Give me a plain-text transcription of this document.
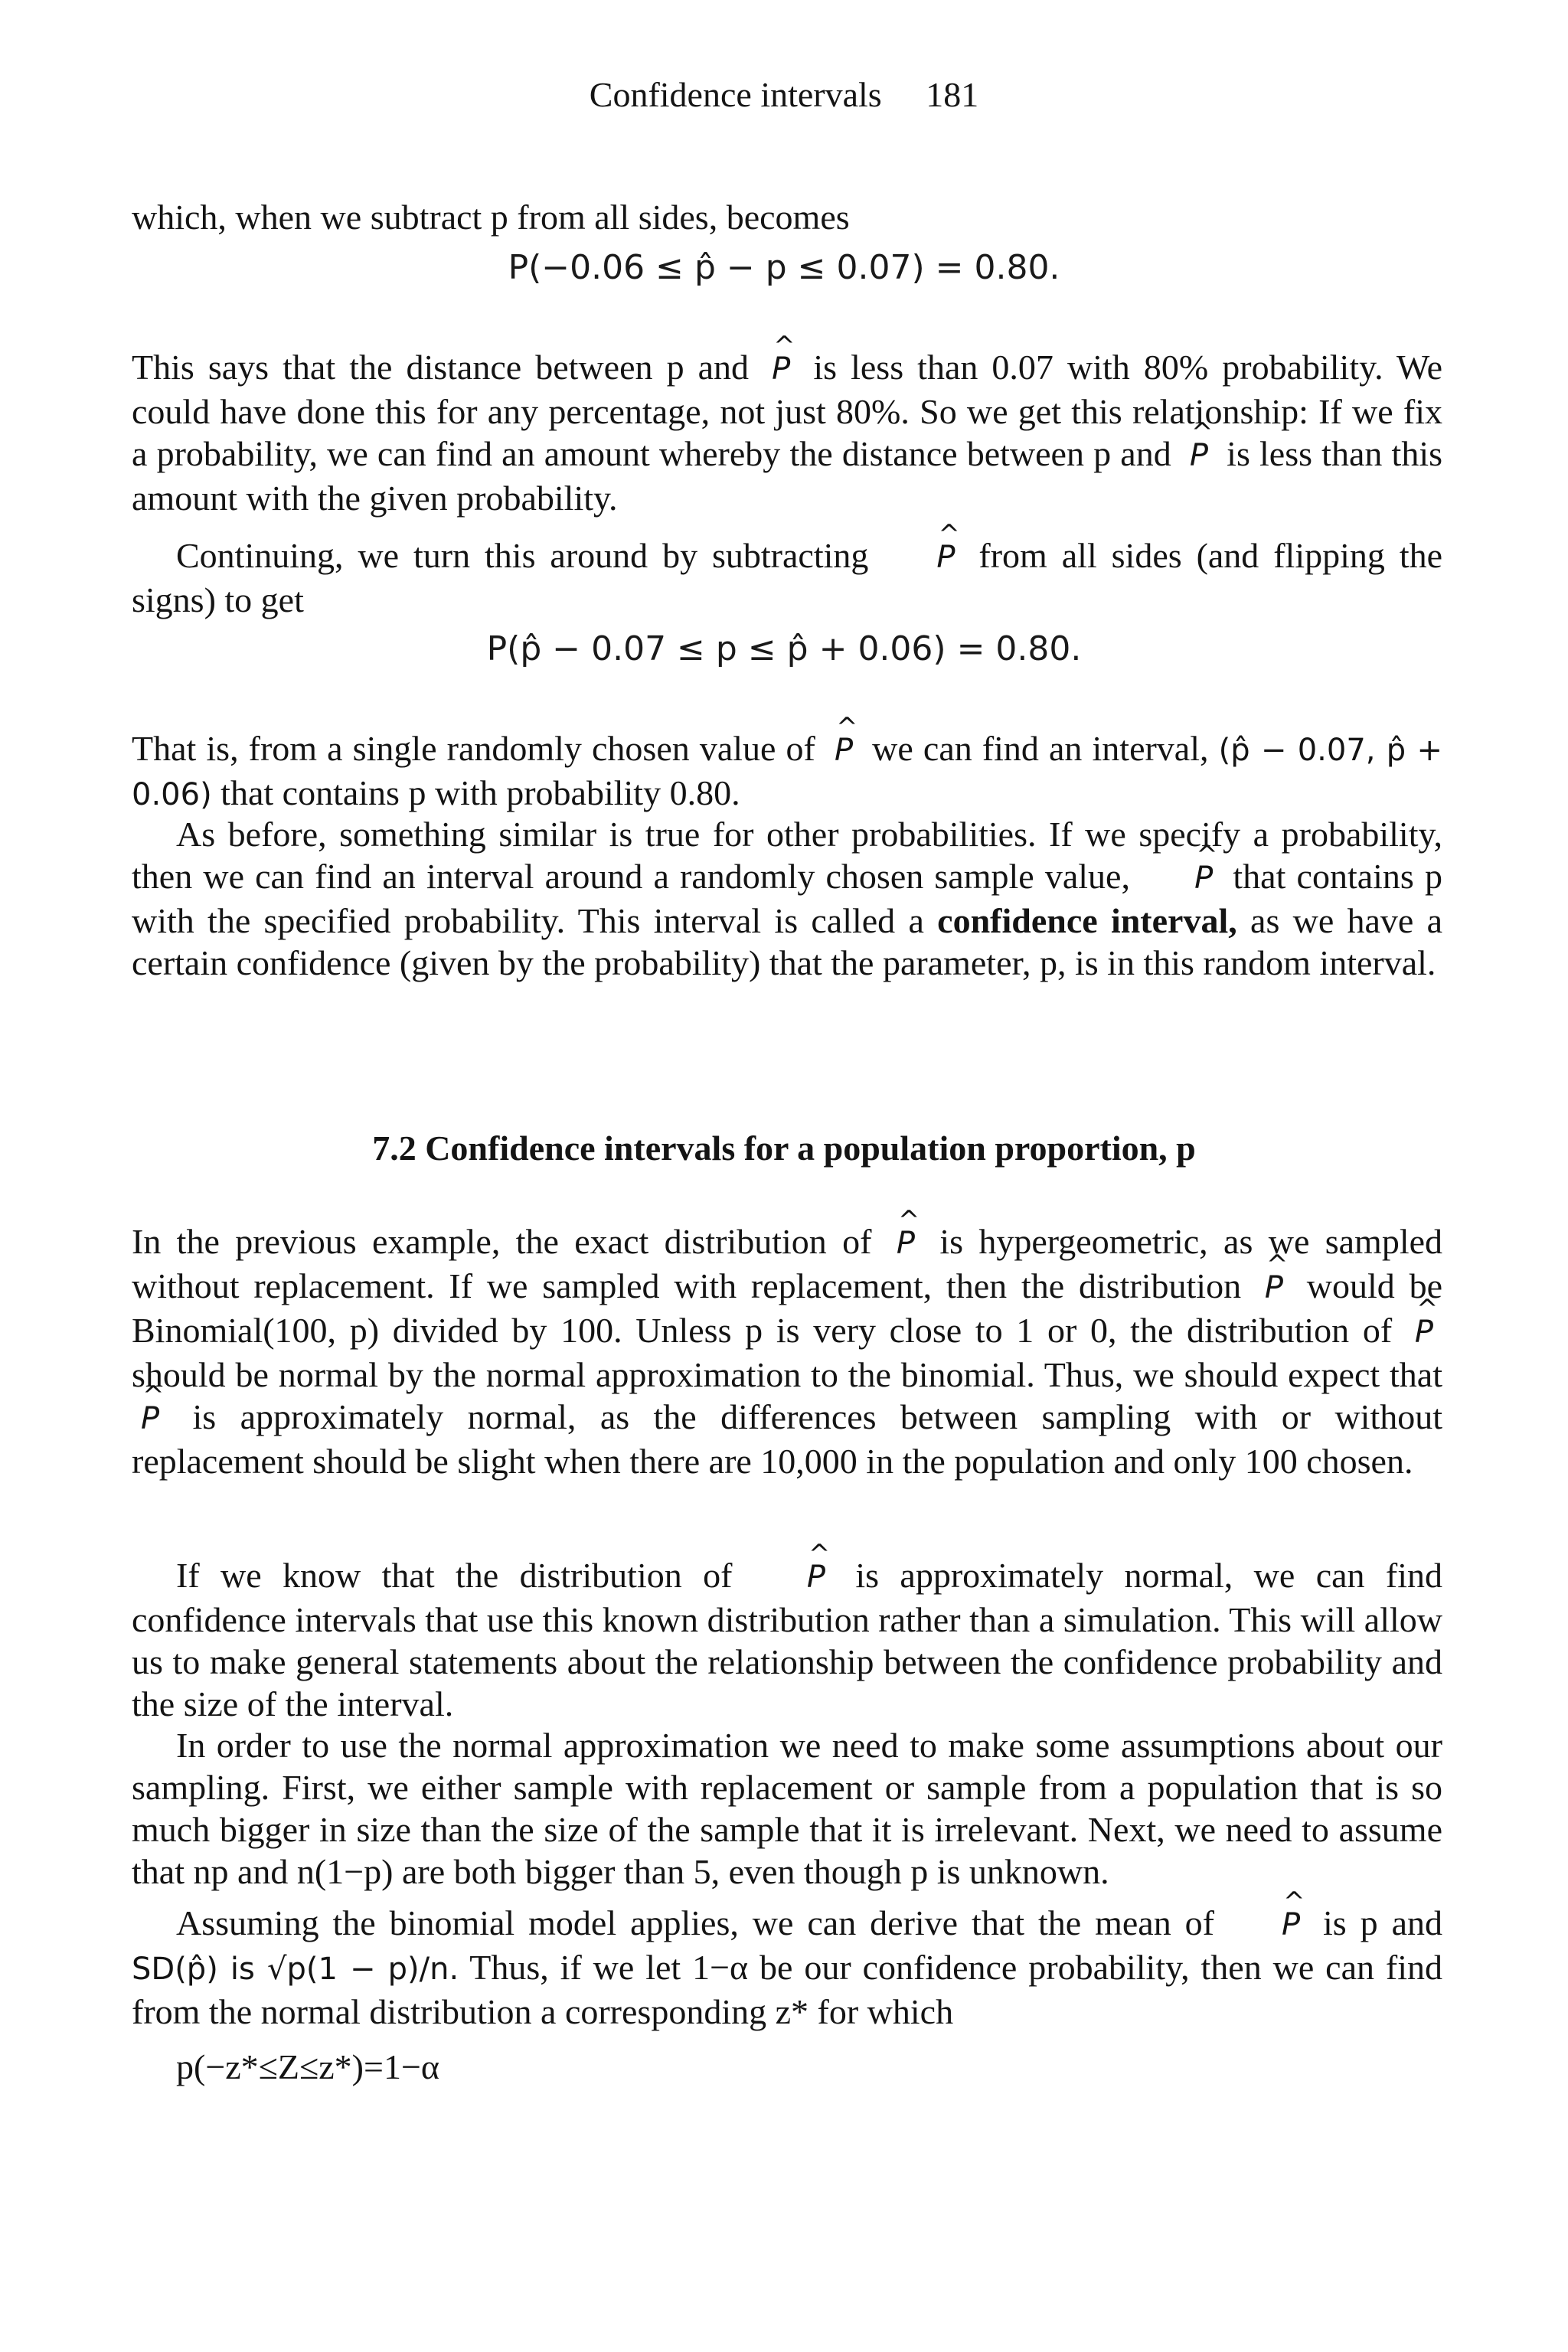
Confidence intervals 181

which, when we subtract p from all sides, becomes

P(−0.06 ≤ p̂ − p ≤ 0.07) = 0.80.

This says that the distance between p and ^ P is less than 0.07 with 80% probability. We could have done this for any percentage, not just 80%. So we get this relationship: If we fix a probability, we can find an amount whereby the distance between p and ^ P is less than this amount with the given probability.

Continuing, we turn this around by subtracting ^ P from all sides (and flipping the signs) to get

P(p̂ − 0.07 ≤ p ≤ p̂ + 0.06) = 0.80.

That is, from a single randomly chosen value of ^ P we can find an interval, (p̂ − 0.07, p̂ + 0.06) that contains p with probability 0.80.

As before, something similar is true for other probabilities. If we specify a probability, then we can find an interval around a randomly chosen sample value, ^ P that contains p with the specified probability. This interval is called a confidence interval, as we have a certain confidence (given by the probability) that the parameter, p, is in this random interval.

7.2 Confidence intervals for a population proportion, p

In the previous example, the exact distribution of ^ P is hypergeometric, as we sampled without replacement. If we sampled with replacement, then the distribution ^ P would be Binomial(100, p) divided by 100. Unless p is very close to 1 or 0, the distribution of ^ P should be normal by the normal approximation to the binomial. Thus, we should expect that ^ P is approximately normal, as the differences between sampling with or without replacement should be slight when there are 10,000 in the population and only 100 chosen.

If we know that the distribution of ^ P is approximately normal, we can find confidence intervals that use this known distribution rather than a simulation. This will allow us to make general statements about the relationship between the confidence probability and the size of the interval.

In order to use the normal approximation we need to make some assumptions about our sampling. First, we either sample with replacement or sample from a population that is so much bigger in size than the size of the sample that it is irrelevant. Next, we need to assume that np and n(1−p) are both bigger than 5, even though p is unknown.

Assuming the binomial model applies, we can derive that the mean of ^ P is p and SD(p̂) is √p(1 − p)/n. Thus, if we let 1−α be our confidence probability, then we can find from the normal distribution a corresponding z* for which

p(−z*≤Z≤z*)=1−α
